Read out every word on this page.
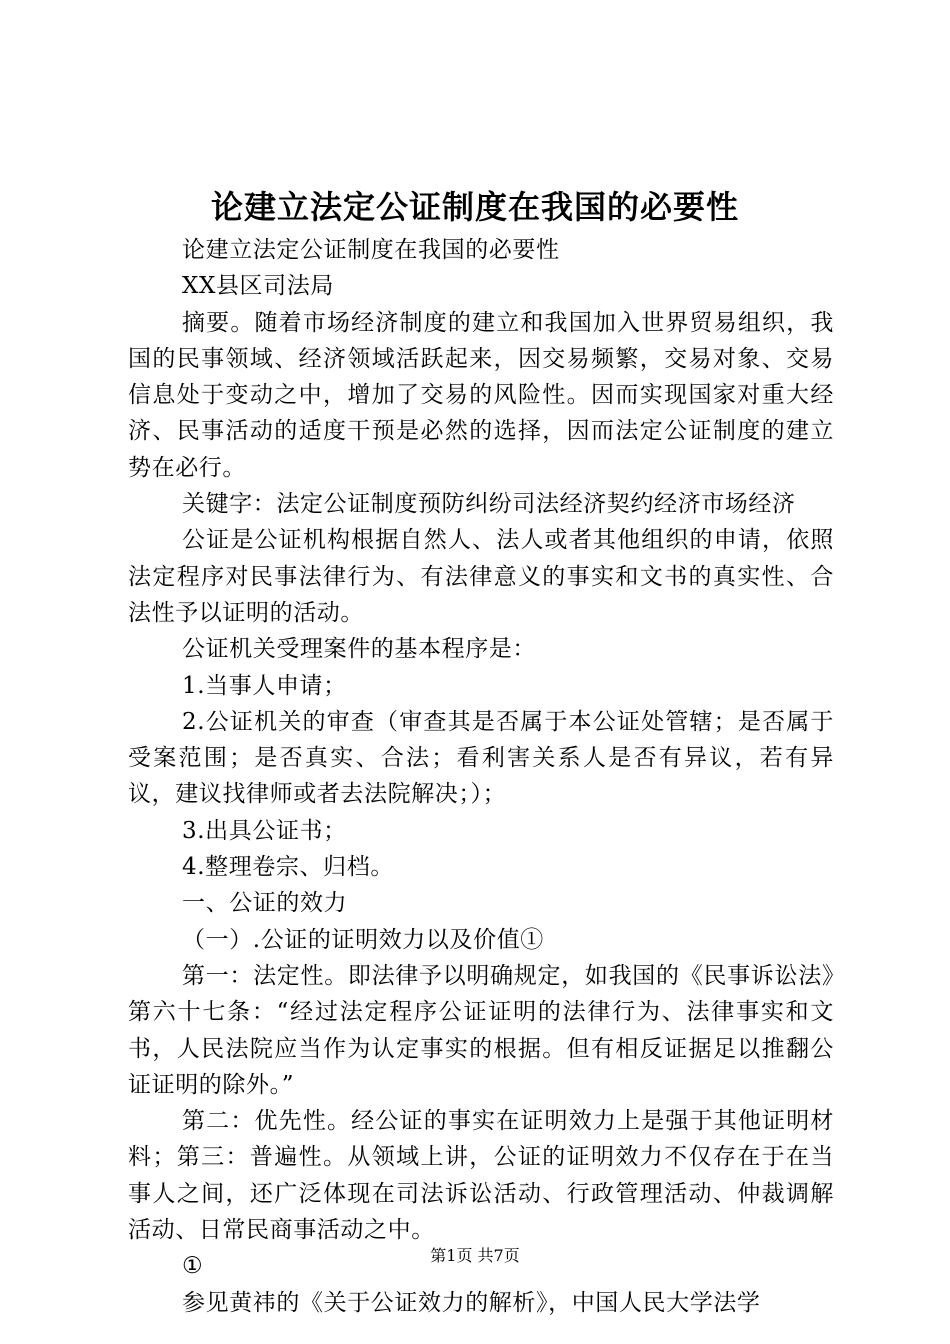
论建立法定公证制度在我国的必要性

论建立法定公证制度在我国的必要性

XX县区司法局

摘要。随着市场经济制度的建立和我国加入世界贸易组织，我国的民事领域、经济领域活跃起来，因交易频繁，交易对象、交易信息处于变动之中，增加了交易的风险性。因而实现国家对重大经济、民事活动的适度干预是必然的选择，因而法定公证制度的建立势在必行。

关键字：法定公证制度预防纠纷司法经济契约经济市场经济

公证是公证机构根据自然人、法人或者其他组织的申请，依照法定程序对民事法律行为、有法律意义的事实和文书的真实性、合法性予以证明的活动。

公证机关受理案件的基本程序是：

1.当事人申请；

2.公证机关的审查（审查其是否属于本公证处管辖；是否属于受案范围；是否真实、合法；看利害关系人是否有异议，若有异议，建议找律师或者去法院解决；）；

3.出具公证书；

4.整理卷宗、归档。

一、公证的效力

（一）.公证的证明效力以及价值①

第一：法定性。即法律予以明确规定，如我国的《民事诉讼法》第六十七条：“经过法定程序公证证明的法律行为、法律事实和文书，人民法院应当作为认定事实的根据。但有相反证据足以推翻公证证明的除外。”

第二：优先性。经公证的事实在证明效力上是强于其他证明材料；第三：普遍性。从领域上讲，公证的证明效力不仅存在于在当事人之间，还广泛体现在司法诉讼活动、行政管理活动、仲裁调解活动、日常民商事活动之中。

①

参见黄祎的《关于公证效力的解析》，中国人民大学法学

第1页 共7页
